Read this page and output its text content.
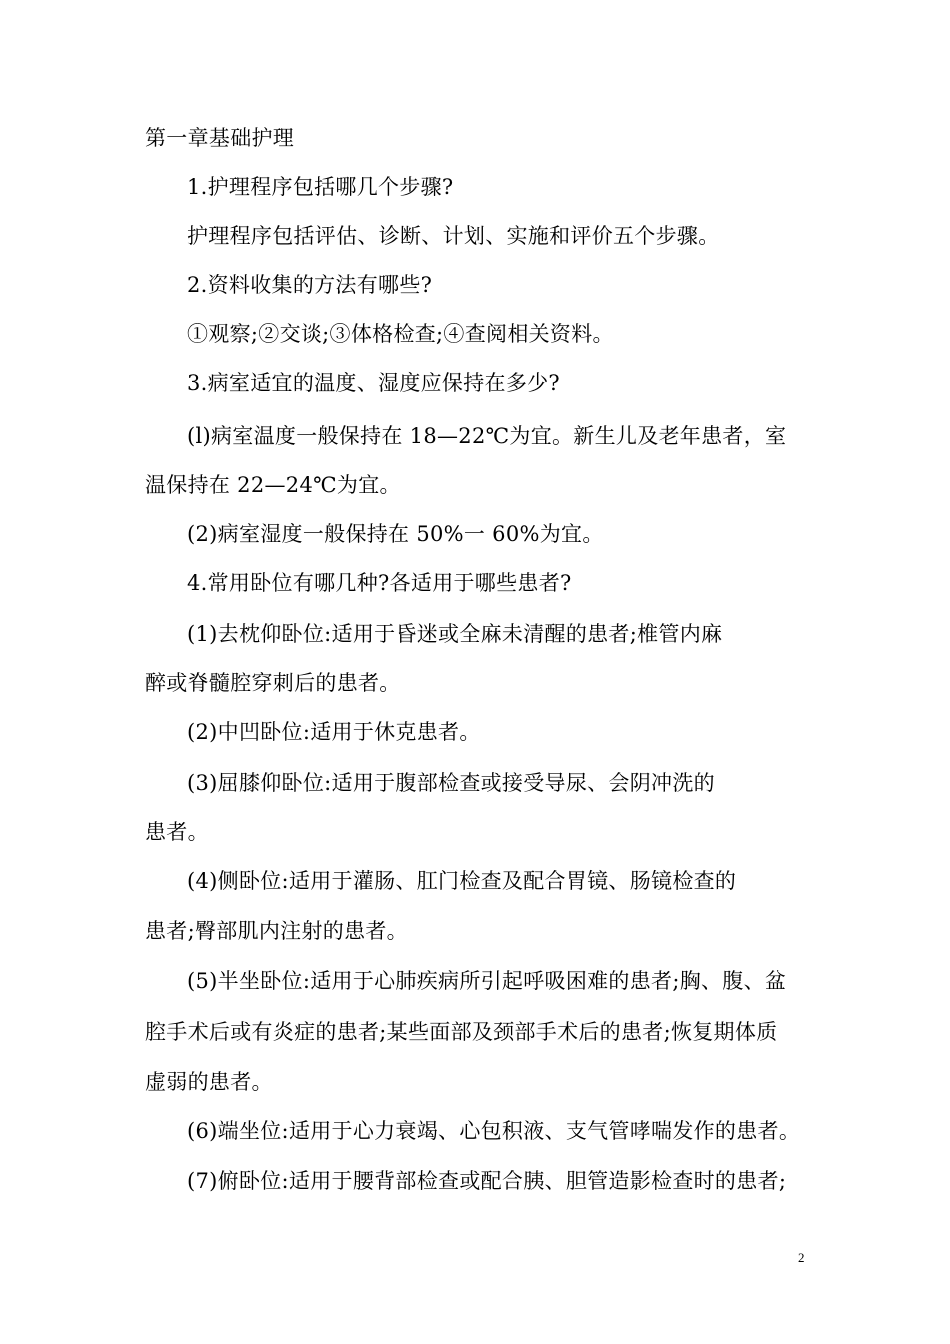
第一章基础护理

1.护理程序包括哪几个步骤?

护理程序包括评估、诊断、计划、实施和评价五个步骤。

2.资料收集的方法有哪些?

①观察;②交谈;③体格检查;④查阅相关资料。

3.病室适宜的温度、湿度应保持在多少?

(l)病室温度一般保持在 18—22℃为宜。新生儿及老年患者，室

温保持在 22—24℃为宜。

(2)病室湿度一般保持在 50%一 60%为宜。

4.常用卧位有哪几种?各适用于哪些患者?

(1)去枕仰卧位:适用于昏迷或全麻未清醒的患者;椎管内麻

醉或脊髓腔穿刺后的患者。

(2)中凹卧位:适用于休克患者。

(3)屈膝仰卧位:适用于腹部检查或接受导尿、会阴冲洗的

患者。

(4)侧卧位:适用于灌肠、肛门检查及配合胃镜、肠镜检查的

患者;臀部肌内注射的患者。

(5)半坐卧位:适用于心肺疾病所引起呼吸困难的患者;胸、腹、盆

腔手术后或有炎症的患者;某些面部及颈部手术后的患者;恢复期体质

虚弱的患者。

(6)端坐位:适用于心力衰竭、心包积液、支气管哮喘发作的患者。

(7)俯卧位:适用于腰背部检查或配合胰、胆管造影检查时的患者;

2
